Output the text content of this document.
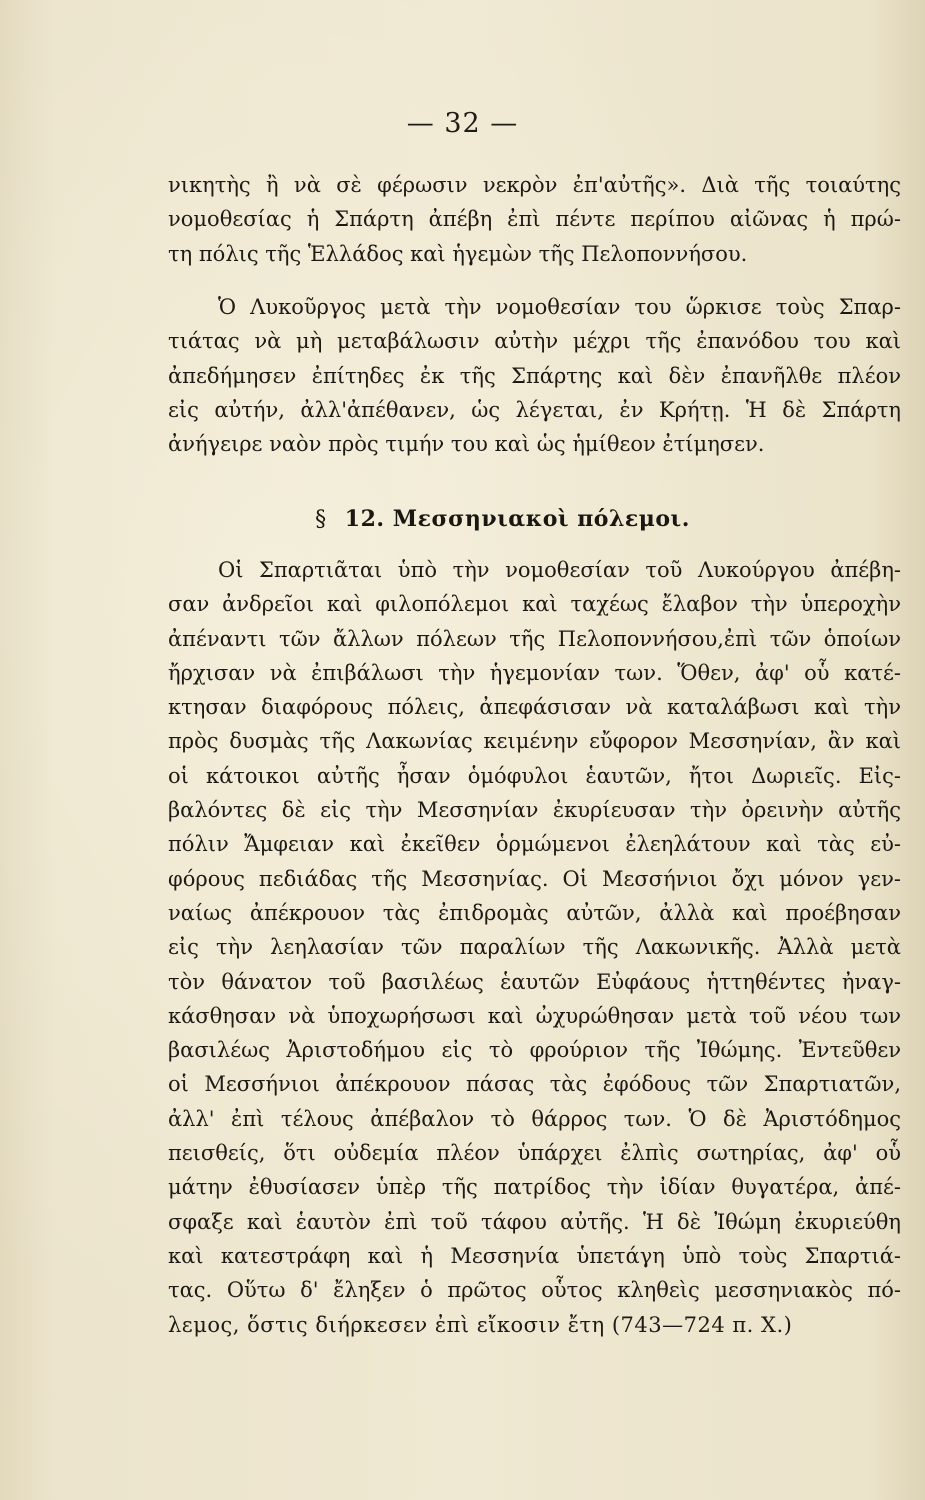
— 32 —
νικητὴς ἢ νὰ σὲ φέρωσιν νεκρὸν ἐπ'αὐτῆς». Διὰ τῆς τοιαύτης
νομοθεσίας ἡ Σπάρτη ἀπέβη ἐπὶ πέντε περίπου αἰῶνας ἡ πρώ-
τη πόλις τῆς Ἑλλάδος καὶ ἡγεμὼν τῆς Πελοποννήσου.
Ὁ Λυκοῦργος μετὰ τὴν νομοθεσίαν του ὥρκισε τοὺς Σπαρ-
τιάτας νὰ μὴ μεταβάλωσιν αὐτὴν μέχρι τῆς ἐπανόδου του καὶ
ἀπεδήμησεν ἐπίτηδες ἐκ τῆς Σπάρτης καὶ δὲν ἐπανῆλθε πλέον
εἰς αὐτήν, ἀλλ'ἀπέθανεν, ὡς λέγεται, ἐν Κρήτῃ. Ἡ δὲ Σπάρτη
ἀνήγειρε ναὸν πρὸς τιμήν του καὶ ὡς ἡμίθεον ἐτίμησεν.
§ 12. Μεσσηνιακοὶ πόλεμοι.
Οἱ Σπαρτιᾶται ὑπὸ τὴν νομοθεσίαν τοῦ Λυκούργου ἀπέβη-
σαν ἀνδρεῖοι καὶ φιλοπόλεμοι καὶ ταχέως ἔλαβον τὴν ὑπεροχὴν
ἀπέναντι τῶν ἄλλων πόλεων τῆς Πελοποννήσου,ἐπὶ τῶν ὁποίων
ἤρχισαν νὰ ἐπιβάλωσι τὴν ἡγεμονίαν των. Ὅθεν, ἀφ' οὗ κατέ-
κτησαν διαφόρους πόλεις, ἀπεφάσισαν νὰ καταλάβωσι καὶ τὴν
πρὸς δυσμὰς τῆς Λακωνίας κειμένην εὔφορον Μεσσηνίαν, ἂν καὶ
οἱ κάτοικοι αὐτῆς ἦσαν ὁμόφυλοι ἑαυτῶν, ἤτοι Δωριεῖς. Εἰς-
βαλόντες δὲ εἰς τὴν Μεσσηνίαν ἐκυρίευσαν τὴν ὀρεινὴν αὐτῆς
πόλιν Ἄμφειαν καὶ ἐκεῖθεν ὁρμώμενοι ἐλεηλάτουν καὶ τὰς εὐ-
φόρους πεδιάδας τῆς Μεσσηνίας. Οἱ Μεσσήνιοι ὄχι μόνον γεν-
ναίως ἀπέκρουον τὰς ἐπιδρομὰς αὐτῶν, ἀλλὰ καὶ προέβησαν
εἰς τὴν λεηλασίαν τῶν παραλίων τῆς Λακωνικῆς. Ἀλλὰ μετὰ
τὸν θάνατον τοῦ βασιλέως ἑαυτῶν Εὐφάους ἡττηθέντες ἠναγ-
κάσθησαν νὰ ὑποχωρήσωσι καὶ ὠχυρώθησαν μετὰ τοῦ νέου των
βασιλέως Ἀριστοδήμου εἰς τὸ φρούριον τῆς Ἰθώμης. Ἐντεῦθεν
οἱ Μεσσήνιοι ἀπέκρουον πάσας τὰς ἐφόδους τῶν Σπαρτιατῶν,
ἀλλ' ἐπὶ τέλους ἀπέβαλον τὸ θάρρος των. Ὁ δὲ Ἀριστόδημος
πεισθείς, ὅτι οὐδεμία πλέον ὑπάρχει ἐλπὶς σωτηρίας, ἀφ' οὗ
μάτην ἐθυσίασεν ὑπὲρ τῆς πατρίδος τὴν ἰδίαν θυγατέρα, ἀπέ-
σφαξε καὶ ἑαυτὸν ἐπὶ τοῦ τάφου αὐτῆς. Ἡ δὲ Ἰθώμη ἐκυριεύθη
καὶ κατεστράφη καὶ ἡ Μεσσηνία ὑπετάγη ὑπὸ τοὺς Σπαρτιά-
τας. Οὕτω δ' ἔληξεν ὁ πρῶτος οὗτος κληθεὶς μεσσηνιακὸς πό-
λεμος, ὅστις διήρκεσεν ἐπὶ εἴκοσιν ἔτη (743—724 π. Χ.)
